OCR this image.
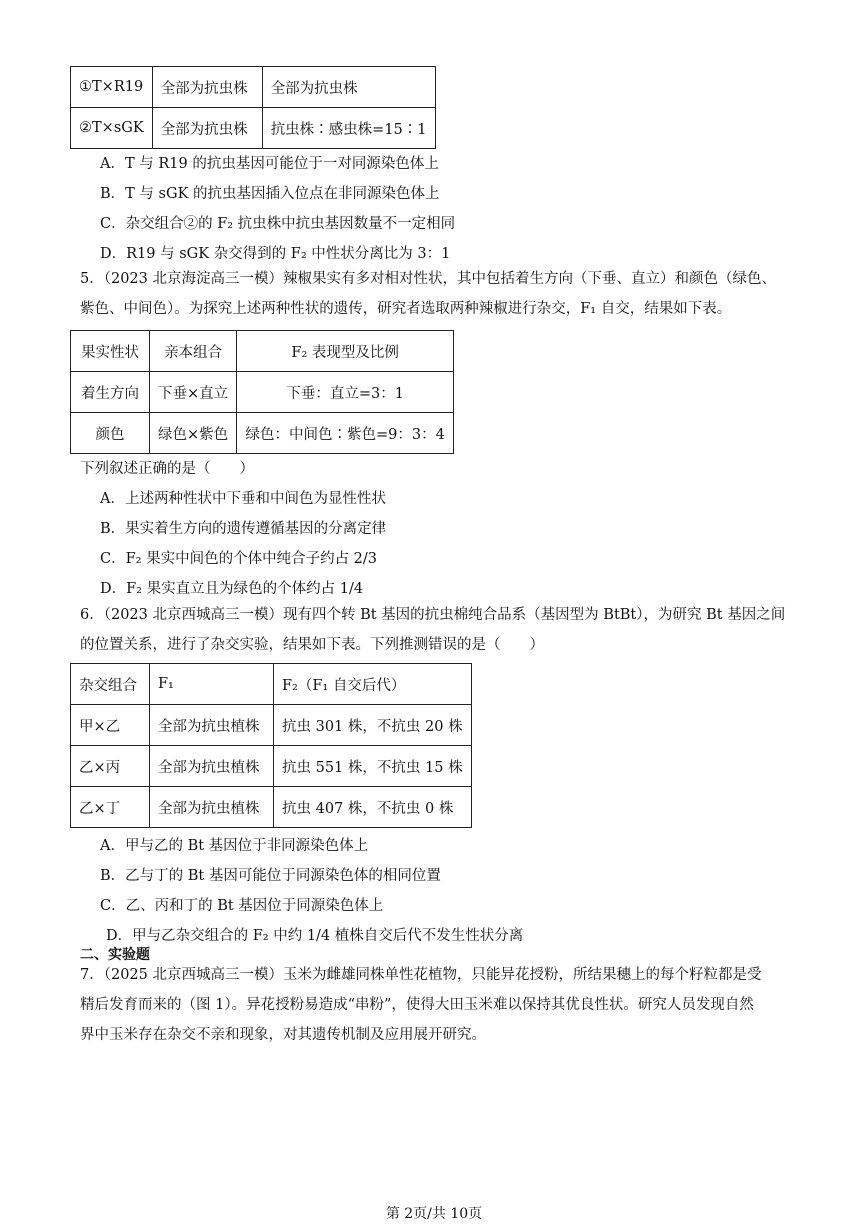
①T×R19	全部为抗虫株	全部为抗虫株
②T×sGK	全部为抗虫株	抗虫株∶感虫株=15∶1
A．T 与 R19 的抗虫基因可能位于一对同源染色体上
B．T 与 sGK 的抗虫基因插入位点在非同源染色体上
C．杂交组合②的 F₂ 抗虫株中抗虫基因数量不一定相同
D．R19 与 sGK 杂交得到的 F₂ 中性状分离比为 3：1
5．（2023 北京海淀高三一模）辣椒果实有多对相对性状，其中包括着生方向（下垂、直立）和颜色（绿色、
紫色、中间色）。为探究上述两种性状的遗传，研究者选取两种辣椒进行杂交，F₁ 自交，结果如下表。
果实性状	亲本组合	F₂ 表现型及比例
着生方向	下垂×直立	下垂：直立=3：1
颜色	绿色×紫色	绿色：中间色∶紫色=9：3：4
下列叙述正确的是（　　）
A．上述两种性状中下垂和中间色为显性性状
B．果实着生方向的遗传遵循基因的分离定律
C．F₂ 果实中间色的个体中纯合子约占 2/3
D．F₂ 果实直立且为绿色的个体约占 1/4
6．（2023 北京西城高三一模）现有四个转 Bt 基因的抗虫棉纯合品系（基因型为 BtBt），为研究 Bt 基因之间
的位置关系，进行了杂交实验，结果如下表。下列推测错误的是（　　）
杂交组合	F₁	F₂（F₁ 自交后代）
甲×乙	全部为抗虫植株	抗虫 301 株，不抗虫 20 株
乙×丙	全部为抗虫植株	抗虫 551 株，不抗虫 15 株
乙×丁	全部为抗虫植株	抗虫 407 株，不抗虫 0 株
A．甲与乙的 Bt 基因位于非同源染色体上
B．乙与丁的 Bt 基因可能位于同源染色体的相同位置
C．乙、丙和丁的 Bt 基因位于同源染色体上
D．甲与乙杂交组合的 F₂ 中约 1/4 植株自交后代不发生性状分离
二、实验题
7．（2025 北京西城高三一模）玉米为雌雄同株单性花植物，只能异花授粉，所结果穗上的每个籽粒都是受
精后发育而来的（图 1）。异花授粉易造成“串粉”，使得大田玉米难以保持其优良性状。研究人员发现自然
界中玉米存在杂交不亲和现象，对其遗传机制及应用展开研究。
第 2页/共 10页
